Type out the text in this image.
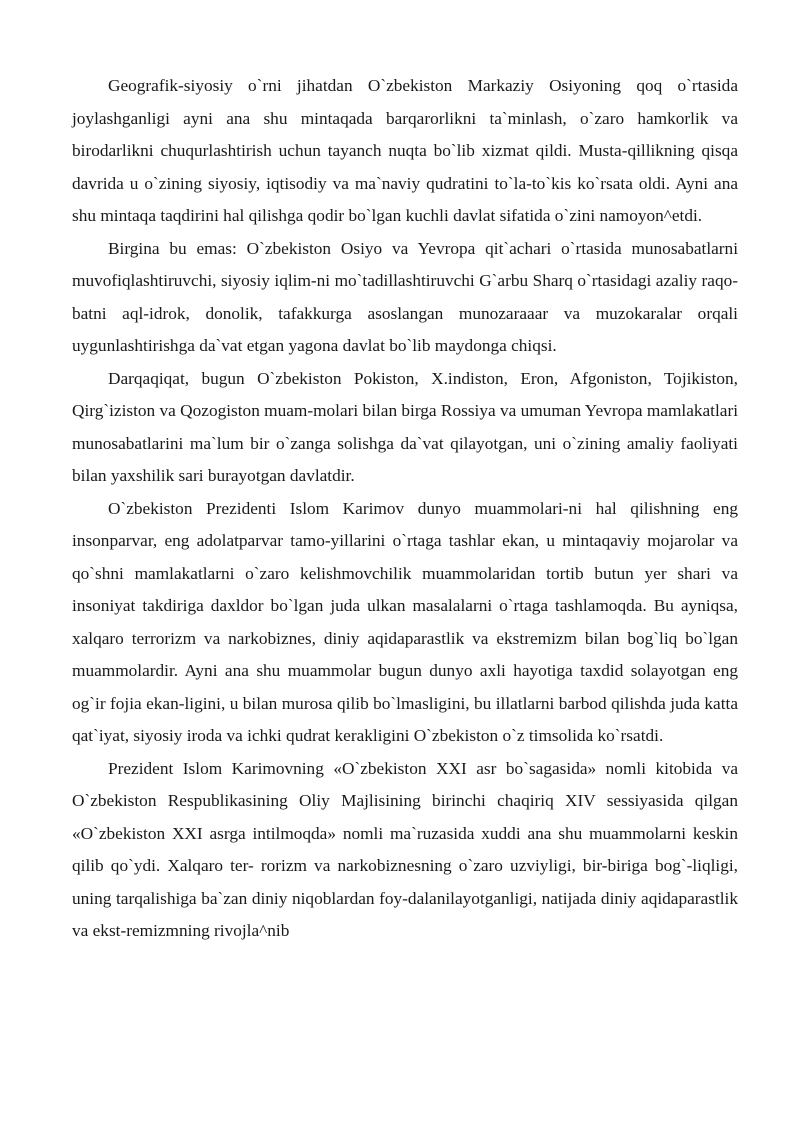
Geografik-siyosiy o`rni jihatdan O`zbekiston Markaziy Osiyoning qoq o`rtasida joylashganligi ayni ana shu mintaqada barqarorlikni ta`minlash, o`zaro hamkorlik va birodarlikni chuqurlashtirish uchun tayanch nuqta bo`lib xizmat qildi. Musta-qillikning qisqa davrida u o`zining siyosiy, iqtisodiy va ma`naviy qudratini to`la-to`kis ko`rsata oldi. Ayni ana shu mintaqa taqdirini hal qilishga qodir bo`lgan kuchli davlat sifatida o`zini namoyon^etdi.

Birgina bu emas: O`zbekiston Osiyo va Yevropa qit`achari o`rtasida munosabatlarni muvofiqlashtiruvchi, siyosiy iqlim-ni mo`tadillashtiruvchi G`arbu Sharq o`rtasidagi azaliy raqo-batni aql-idrok, donolik, tafakkurga asoslangan munozaraaar va muzokaralar orqali uygunlashtirishga da`vat etgan yagona davlat bo`lib maydonga chiqsi.

Darqaqiqat, bugun O`zbekiston Pokiston, X.indiston, Eron, Afgoniston, Tojikiston, Qirg`iziston va Qozogiston muam-molari bilan birga Rossiya va umuman Yevropa mamlakatlari munosabatlarini ma`lum bir o`zanga solishga da`vat qilayotgan, uni o`zining amaliy faoliyati bilan yaxshilik sari burayotgan davlatdir.

O`zbekiston Prezidenti Islom Karimov dunyo muammolari-ni hal qilishning eng insonparvar, eng adolatparvar tamo-yillarini o`rtaga tashlar ekan, u mintaqaviy mojarolar va qo`shni mamlakatlarni o`zaro kelishmovchilik muammolaridan tortib butun yer shari va insoniyat takdiriga daxldor bo`lgan juda ulkan masalalarni o`rtaga tashlamoqda. Bu ayniqsa, xalqaro terrorizm va narkobiznes, diniy aqidaparastlik va ekstremizm bilan bog`liq bo`lgan muammolardir. Ayni ana shu muammolar bugun dunyo axli hayotiga taxdid solayotgan eng og`ir fojia ekan-ligini, u bilan murosa qilib bo`lmasligini, bu illatlarni barbod qilishda juda katta qat`iyat, siyosiy iroda va ichki qudrat kerakligini O`zbekiston o`z timsolida ko`rsatdi.

Prezident Islom Karimovning «O`zbekiston XXI asr bo`sagasida» nomli kitobida va O`zbekiston Respublikasining Oliy Majlisining birinchi chaqiriq XIV sessiyasida qilgan «O`zbekiston XXI asrga intilmoqda» nomli ma`ruzasida xuddi ana shu muammolarni keskin qilib qo`ydi. Xalqaro ter- rorizm va narkobiznesning o`zaro uzviyligi, bir-biriga bog`-liqligi, uning tarqalishiga ba`zan diniy niqoblardan foy-dalanilayotganligi, natijada diniy aqidaparastlik va ekst-remizmning rivojla^nib
